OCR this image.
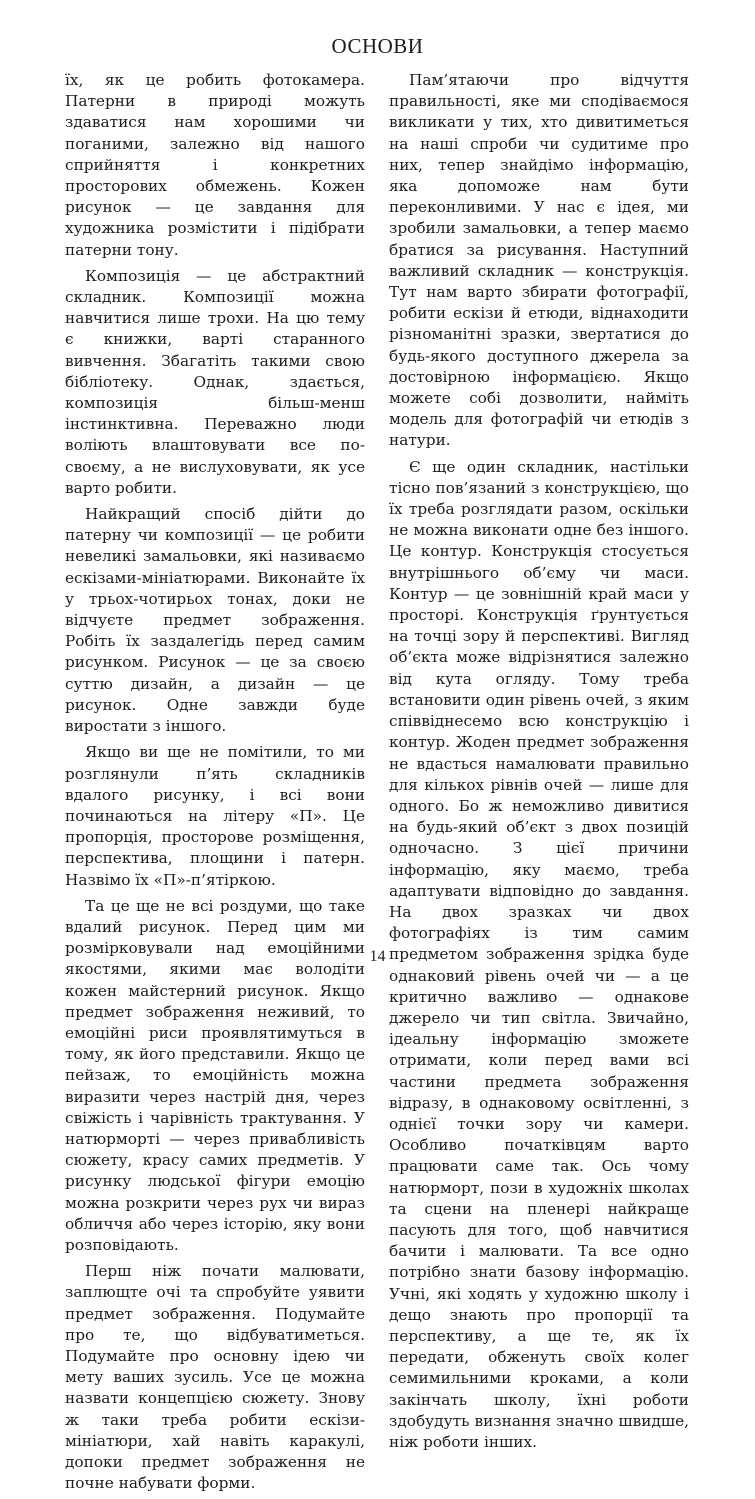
ОСНОВИ

їх, як це робить фотокамера. Патерни в природі можуть здаватися нам хорошими чи поганими, залежно від нашого сприйняття і конкретних просторових обмежень. Кожен рисунок — це завдання для художника розмістити і підібрати патерни тону.

Композиція — це абстрактний складник. Композиції можна навчитися лише трохи. На цю тему є книжки, варті старанного вивчення. Збагатіть такими свою бібліотеку. Однак, здається, композиція більш-менш інстинктивна. Переважно люди воліють влаштовувати все по-своєму, а не вислуховувати, як усе варто робити.

Найкращий спосіб дійти до патерну чи композиції — це робити невеликі замальовки, які називаємо ескізами-мініатюрами. Виконайте їх у трьох-чотирьох тонах, доки не відчуєте предмет зображення. Робіть їх заздалегідь перед самим рисунком. Рисунок — це за своєю суттю дизайн, а дизайн — це рисунок. Одне завжди буде виростати з іншого.

Якщо ви ще не помітили, то ми розглянули п’ять складників вдалого рисунку, і всі вони починаються на літеру «П». Це пропорція, просторове розміщення, перспектива, площини і патерн. Назвімо їх «П»-п’ятіркою.

Та це ще не всі роздуми, що таке вдалий рисунок. Перед цим ми розмірковували над емоційними якостями, якими має володіти кожен майстерний рисунок. Якщо предмет зображення неживий, то емоційні риси проявлятимуться в тому, як його представили. Якщо це пейзаж, то емоційність можна виразити через настрій дня, через свіжість і чарівність трактування. У натюрморті — через привабливість сюжету, красу самих предметів. У рисунку людської фігури емоцію можна розкрити через рух чи вираз обличчя або через історію, яку вони розповідають.

Перш ніж почати малювати, заплющте очі та спробуйте уявити предмет зображення. Подумайте про те, що відбуватиметься. Подумайте про основну ідею чи мету ваших зусиль. Усе це можна назвати концепцією сюжету. Знову ж таки треба робити ескізи-мініатюри, хай навіть каракулі, допоки предмет зображення не почне набувати форми.

Пам’ятаючи про відчуття правильності, яке ми сподіваємося викликати у тих, хто дивитиметься на наші спроби чи судитиме про них, тепер знайдімо інформацію, яка допоможе нам бути переконливими. У нас є ідея, ми зробили замальовки, а тепер маємо братися за рисування. Наступний важливий складник — конструкція. Тут нам варто збирати фотографії, робити ескізи й етюди, віднаходити різноманітні зразки, звертатися до будь-якого доступного джерела за достовірною інформацією. Якщо можете собі дозволити, найміть модель для фотографій чи етюдів з натури.

Є ще один складник, настільки тісно пов’язаний з конструкцією, що їх треба розглядати разом, оскільки не можна виконати одне без іншого. Це контур. Конструкція стосується внутрішнього об’єму чи маси. Контур — це зовнішній край маси у просторі. Конструкція ґрунтується на точці зору й перспективі. Вигляд об’єкта може відрізнятися залежно від кута огляду. Тому треба встановити один рівень очей, з яким співвіднесемо всю конструкцію і контур. Жоден предмет зображення не вдасться намалювати правильно для кількох рівнів очей — лише для одного. Бо ж неможливо дивитися на будь-який об’єкт з двох позицій одночасно. З цієї причини інформацію, яку маємо, треба адаптувати відповідно до завдання. На двох зразках чи двох фотографіях із тим самим предметом зображення зрідка буде однаковий рівень очей чи — а це критично важливо — однакове джерело чи тип світла. Звичайно, ідеальну інформацію зможете отримати, коли перед вами всі частини предмета зображення відразу, в однаковому освітленні, з однієї точки зору чи камери. Особливо початківцям варто працювати саме так. Ось чому натюрморт, пози в художніх школах та сцени на пленері найкраще пасують для того, щоб навчитися бачити і малювати. Та все одно потрібно знати базову інформацію. Учні, які ходять у художню школу і дещо знають про пропорції та перспективу, а ще те, як їх передати, обженуть своїх колег семимильними кроками, а коли закінчать школу, їхні роботи здобудуть визнання значно швидше, ніж роботи інших.

14
